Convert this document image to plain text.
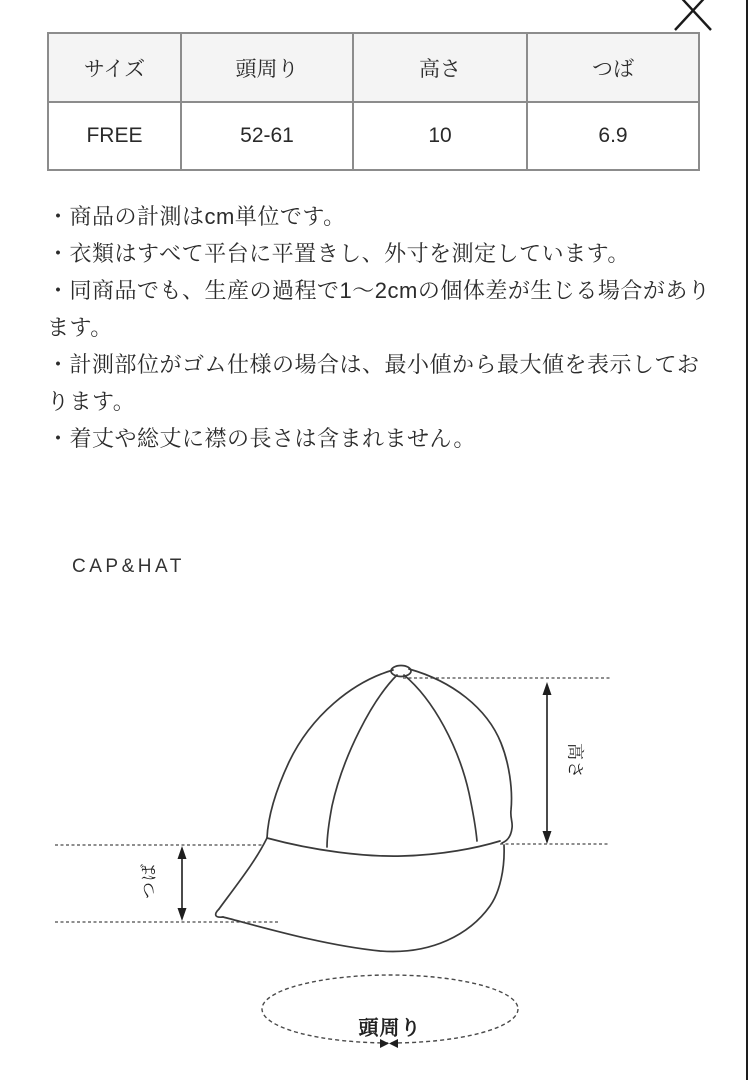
サイズ	頭周り	高さ	つば
FREE	52-61	10	6.9

・商品の計測はcm単位です。

・衣類はすべて平台に平置きし、外寸を測定しています。

・同商品でも、生産の過程で1〜2cmの個体差が生じる場合があります。

・計測部位がゴム仕様の場合は、最小値から最大値を表示しております。

・着丈や総丈に襟の長さは含まれません。

CAP&HAT
高さ
つば
頭周り
